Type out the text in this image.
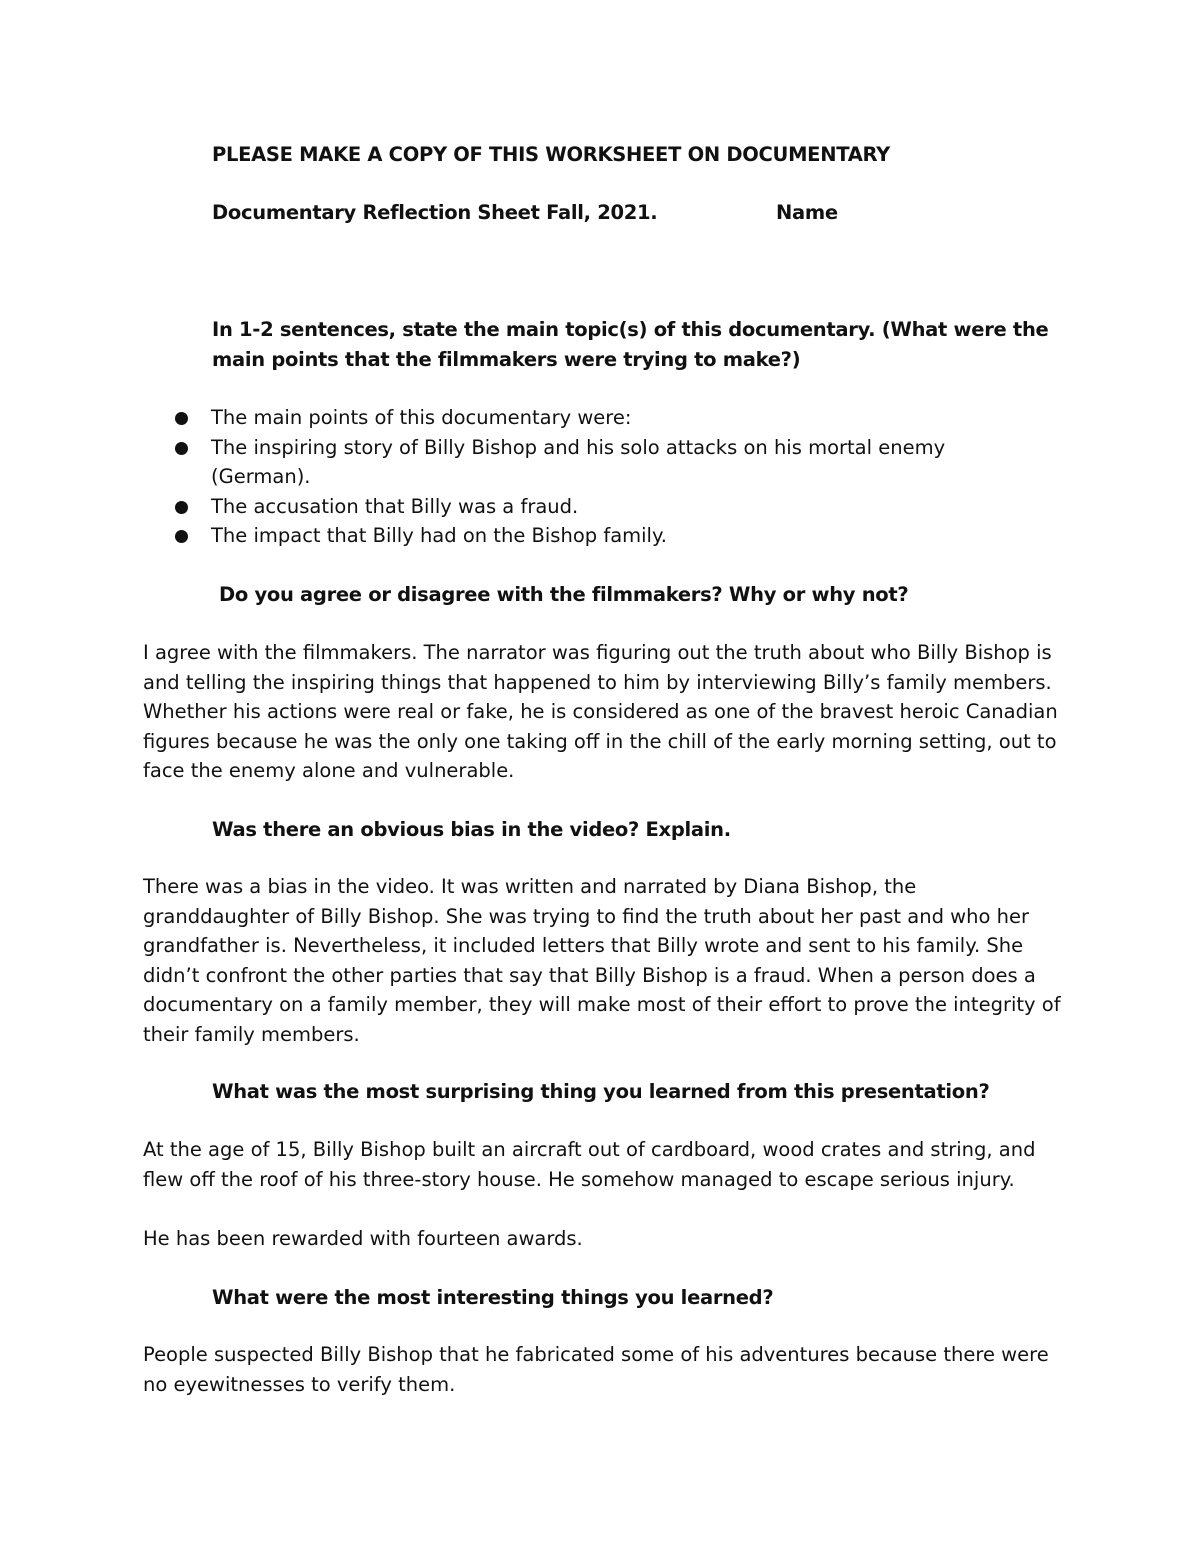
PLEASE MAKE A COPY OF THIS WORKSHEET ON DOCUMENTARY
Documentary Reflection Sheet Fall, 2021.	Name
In 1-2 sentences, state the main topic(s) of this documentary. (What were the
main points that the filmmakers were trying to make?)
The main points of this documentary were:
The inspiring story of Billy Bishop and his solo attacks on his mortal enemy (German).
The accusation that Billy was a fraud.
The impact that Billy had on the Bishop family.
Do you agree or disagree with the filmmakers? Why or why not?

I agree with the filmmakers. The narrator was figuring out the truth about who Billy Bishop is and telling the inspiring things that happened to him by interviewing Billy’s family members. Whether his actions were real or fake, he is considered as one of the bravest heroic Canadian figures because he was the only one taking off in the chill of the early morning setting, out to face the enemy alone and vulnerable.

Was there an obvious bias in the video? Explain.

There was a bias in the video. It was written and narrated by Diana Bishop, the granddaughter of Billy Bishop. She was trying to find the truth about her past and who her grandfather is. Nevertheless, it included letters that Billy wrote and sent to his family. She didn’t confront the other parties that say that Billy Bishop is a fraud. When a person does a documentary on a family member, they will make most of their effort to prove the integrity of their family members.

What was the most surprising thing you learned from this presentation?

At the age of 15, Billy Bishop built an aircraft out of cardboard, wood crates and string, and flew off the roof of his three-story house. He somehow managed to escape serious injury.

He has been rewarded with fourteen awards.

What were the most interesting things you learned?

People suspected Billy Bishop that he fabricated some of his adventures because there were no eyewitnesses to verify them.
